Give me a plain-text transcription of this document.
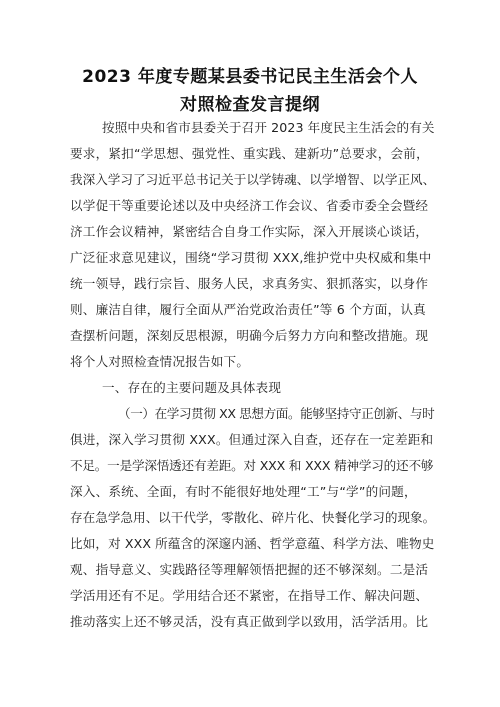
2023 年度专题某县委书记民主生活会个人
对照检查发言提纲
按照中央和省市县委关于召开 2023 年度民主生活会的有关
要求，紧扣“学思想、强党性、重实践、建新功”总要求，会前，
我深入学习了习近平总书记关于以学铸魂、以学增智、以学正风、
以学促干等重要论述以及中央经济工作会议、省委市委全会暨经
济工作会议精神，紧密结合自身工作实际，深入开展谈心谈话，
广泛征求意见建议，围绕“学习贯彻 XXX,维护党中央权威和集中
统一领导，践行宗旨、服务人民，求真务实、狠抓落实，以身作
则、廉洁自律，履行全面从严治党政治责任”等 6 个方面，认真
查摆析问题，深刻反思根源，明确今后努力方向和整改措施。现
将个人对照检查情况报告如下。
一、存在的主要问题及具体表现
（一）在学习贯彻 XX 思想方面。能够坚持守正创新、与时
俱进，深入学习贯彻 XXX。但通过深入自查，还存在一定差距和
不足。一是学深悟透还有差距。对 XXX 和 XXX 精神学习的还不够
深入、系统、全面，有时不能很好地处理“工”与“学”的问题，
存在急学急用、以干代学，零散化、碎片化、快餐化学习的现象。
比如，对 XXX 所蕴含的深邃内涵、哲学意蕴、科学方法、唯物史
观、指导意义、实践路径等理解领悟把握的还不够深刻。二是活
学活用还有不足。学用结合还不紧密，在指导工作、解决问题、
推动落实上还不够灵活，没有真正做到学以致用，活学活用。比
